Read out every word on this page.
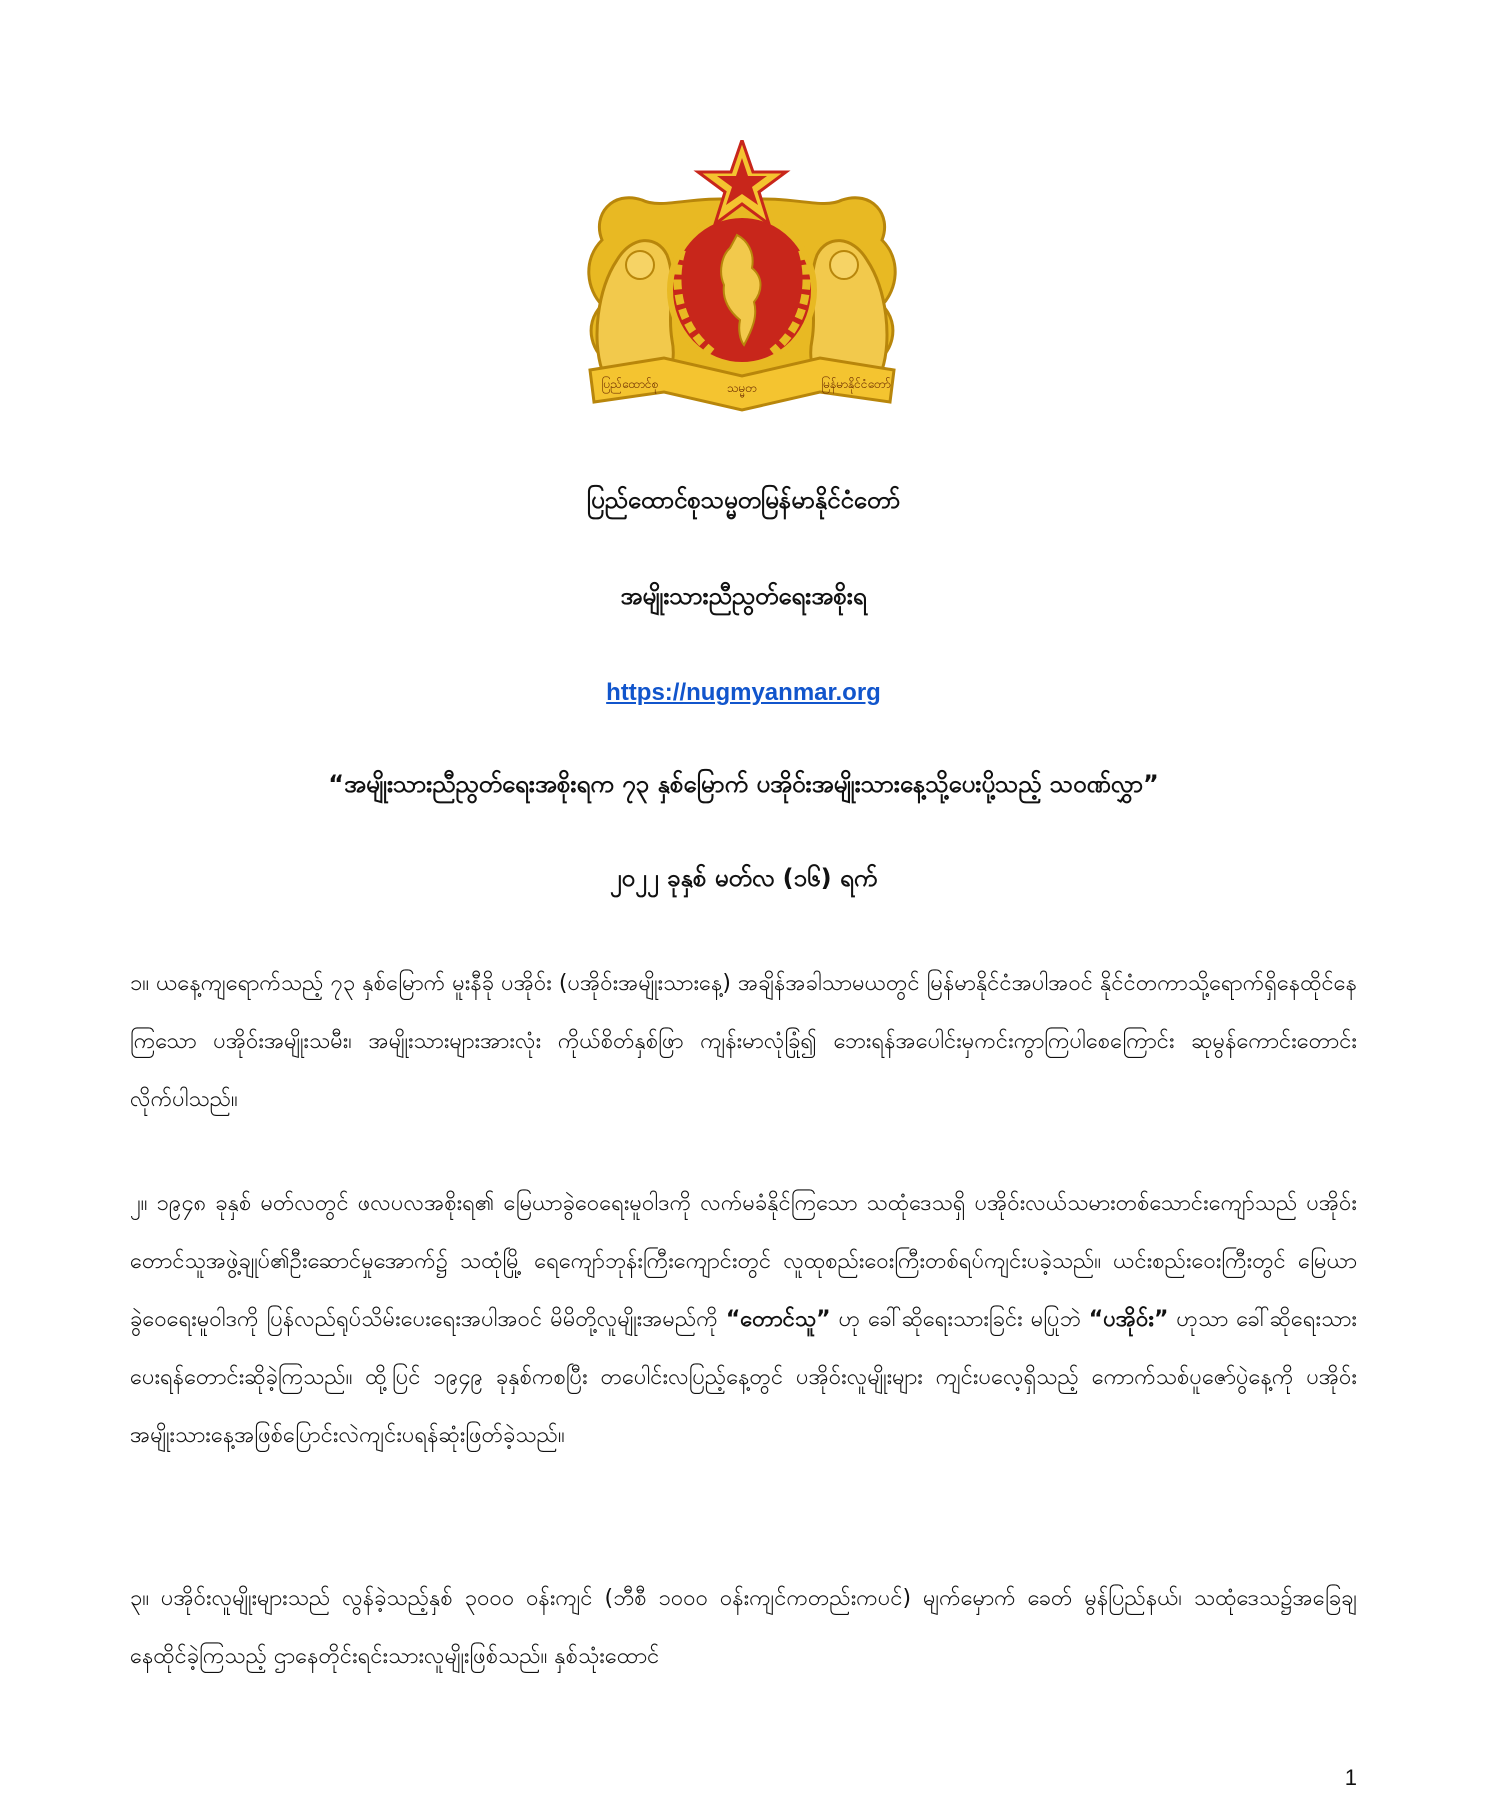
ပြည်ထောင်စု	သမ္မတ	မြန်မာနိုင်ငံတော်
ပြည်ထောင်စုသမ္မတမြန်မာနိုင်ငံတော်
အမျိုးသားညီညွတ်ရေးအစိုးရ
https://nugmyanmar.org
“အမျိုးသားညီညွတ်ရေးအစိုးရက ၇၃ နှစ်မြောက် ပအိုဝ်းအမျိုးသားနေ့သို့ပေးပို့သည့် သဝဏ်လွှာ”
၂၀၂၂ ခုနှစ် မတ်လ (၁၆) ရက်
၁။ ယနေ့ကျရောက်သည့် ၇၃ နှစ်မြောက် မူးနီခို ပအိုဝ်း (ပအိုဝ်းအမျိုးသားနေ့) အချိန်အခါသာမယတွင် မြန်မာနိုင်ငံအပါအဝင် နိုင်ငံတကာသို့ရောက်ရှိနေထိုင်နေကြသော ပအိုဝ်းအမျိုးသမီး၊ အမျိုးသားများအားလုံး ကိုယ်စိတ်နှစ်ဖြာ ကျန်းမာလုံခြုံ၍ ဘေးရန်အပေါင်းမှကင်းကွာကြပါစေကြောင်း ဆုမွန်ကောင်းတောင်းလိုက်ပါသည်။
၂။ ၁၉၄၈ ခုနှစ် မတ်လတွင် ဖလပလအစိုးရ၏ မြေယာခွဲဝေရေးမူဝါဒကို လက်မခံနိုင်ကြသော သထုံဒေသရှိ ပအိုဝ်းလယ်သမားတစ်သောင်းကျော်သည် ပအိုဝ်းတောင်သူအဖွဲ့ချုပ်၏ဦးဆောင်မှုအောက်၌ သထုံမြို့ ရေကျော်ဘုန်းကြီးကျောင်းတွင် လူထုစည်းဝေးကြီးတစ်ရပ်ကျင်းပခဲ့သည်။ ယင်းစည်းဝေးကြီးတွင် မြေယာခွဲဝေရေးမူဝါဒကို ပြန်လည်ရုပ်သိမ်းပေးရေးအပါအဝင် မိမိတို့လူမျိုးအမည်ကို “တောင်သူ” ဟု ခေါ်ဆိုရေးသားခြင်း မပြုဘဲ “ပအိုဝ်း” ဟုသာ ခေါ်ဆိုရေးသားပေးရန်တောင်းဆိုခဲ့ကြသည်။ ထို့ပြင် ၁၉၄၉ ခုနှစ်ကစပြီး တပေါင်းလပြည့်နေ့တွင် ပအိုဝ်းလူမျိုးများ ကျင်းပလေ့ရှိသည့် ကောက်သစ်ပူဇော်ပွဲနေ့ကို ပအိုဝ်းအမျိုးသားနေ့အဖြစ်ပြောင်းလဲကျင်းပရန်ဆုံးဖြတ်ခဲ့သည်။
၃။ ပအိုဝ်းလူမျိုးများသည် လွန်ခဲ့သည့်နှစ် ၃၀၀၀ ဝန်းကျင် (ဘီစီ ၁၀၀၀ ဝန်းကျင်ကတည်းကပင်) မျက်မှောက် ခေတ် မွန်ပြည်နယ်၊ သထုံဒေသ၌အခြေချနေထိုင်ခဲ့ကြသည့် ဌာနေတိုင်းရင်းသားလူမျိုးဖြစ်သည်။ နှစ်သုံးထောင်
1
